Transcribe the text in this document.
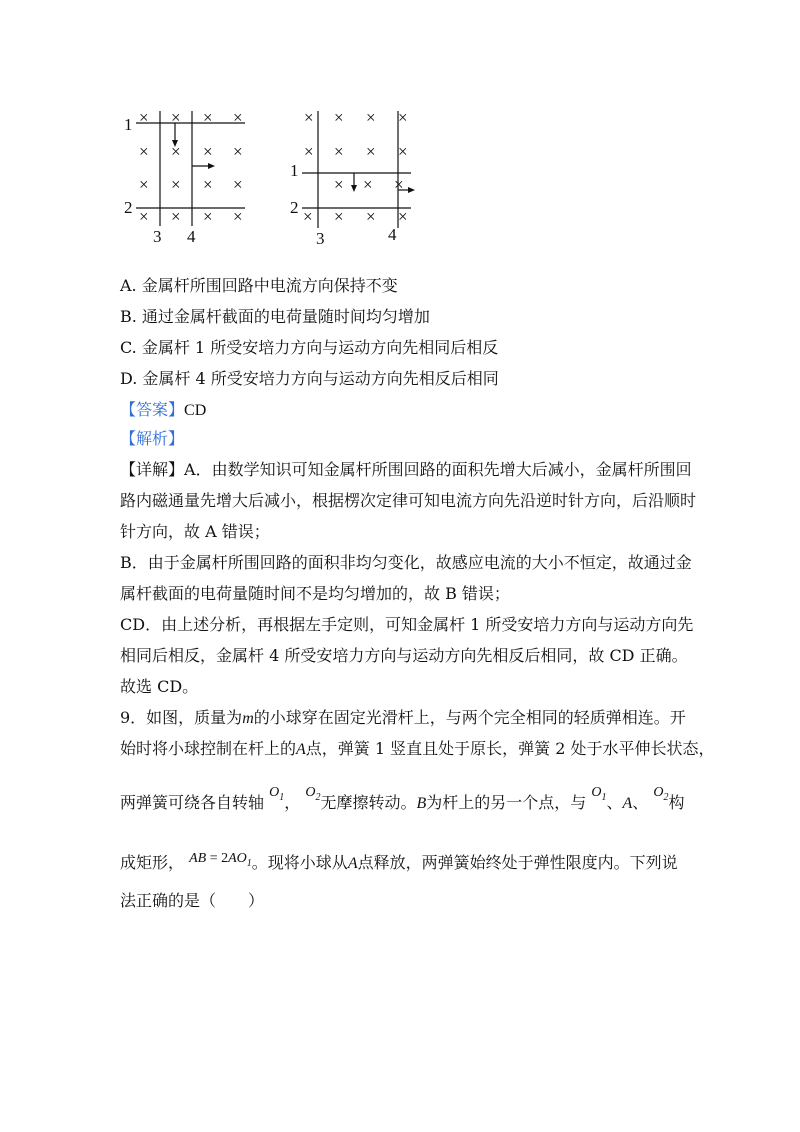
× × × ×
× × × ×
× × × ×
× × × ×
1
2
3 4
× × × ×
× × × ×
× × ×
× × × ×
1
2
3	4
A. 金属杆所围回路中电流方向保持不变
B. 通过金属杆截面的电荷量随时间均匀增加
C. 金属杆 1 所受安培力方向与运动方向先相同后相反
D. 金属杆 4 所受安培力方向与运动方向先相反后相同
【答案】CD
【解析】
【详解】A．由数学知识可知金属杆所围回路的面积先增大后减小，金属杆所围回
路内磁通量先增大后减小，根据楞次定律可知电流方向先沿逆时针方向，后沿顺时
针方向，故 A 错误；
B．由于金属杆所围回路的面积非均匀变化，故感应电流的大小不恒定，故通过金
属杆截面的电荷量随时间不是均匀增加的，故 B 错误；
CD．由上述分析，再根据左手定则，可知金属杆 1 所受安培力方向与运动方向先
相同后相反，金属杆 4 所受安培力方向与运动方向先相反后相同，故 CD 正确。
故选 CD。
9．如图，质量为m的小球穿在固定光滑杆上，与两个完全相同的轻质弹相连。开
始时将小球控制在杆上的A点，弹簧 1 竖直且处于原长，弹簧 2 处于水平伸长状态，
两弹簧可绕各自转轴 $O_1$， $O_2$无摩擦转动。B为杆上的另一个点，与 $O_1$、A、 $O_2$构
成矩形， AB = $2AO_1$。现将小球从A点释放，两弹簧始终处于弹性限度内。下列说
法正确的是（　　）
